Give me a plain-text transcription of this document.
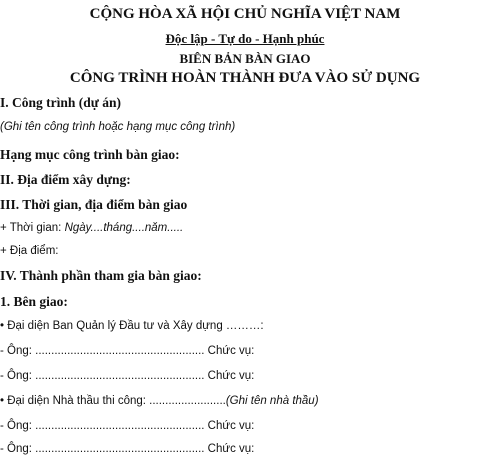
CỘNG HÒA XÃ HỘI CHỦ NGHĨA VIỆT NAM
Độc lập - Tự do - Hạnh phúc
BIÊN BẢN BÀN GIAO
CÔNG TRÌNH HOÀN THÀNH ĐƯA VÀO SỬ DỤNG
I. Công trình (dự án)
(Ghi tên công trình hoặc hạng mục công trình)
Hạng mục công trình bàn giao:
II. Địa điểm xây dựng:
III. Thời gian, địa điểm bàn giao
+ Thời gian: Ngày....tháng....năm.....
+ Địa điểm:
IV. Thành phần tham gia bàn giao:
1. Bên giao:
• Đại diện Ban Quản lý Đầu tư và Xây dựng ………:
- Ông: ..................................................... Chức vụ:
- Ông: ..................................................... Chức vụ:
• Đại diện Nhà thầu thi công: ........................(Ghi tên nhà thầu)
- Ông: ..................................................... Chức vụ:
- Ông: ..................................................... Chức vụ:
